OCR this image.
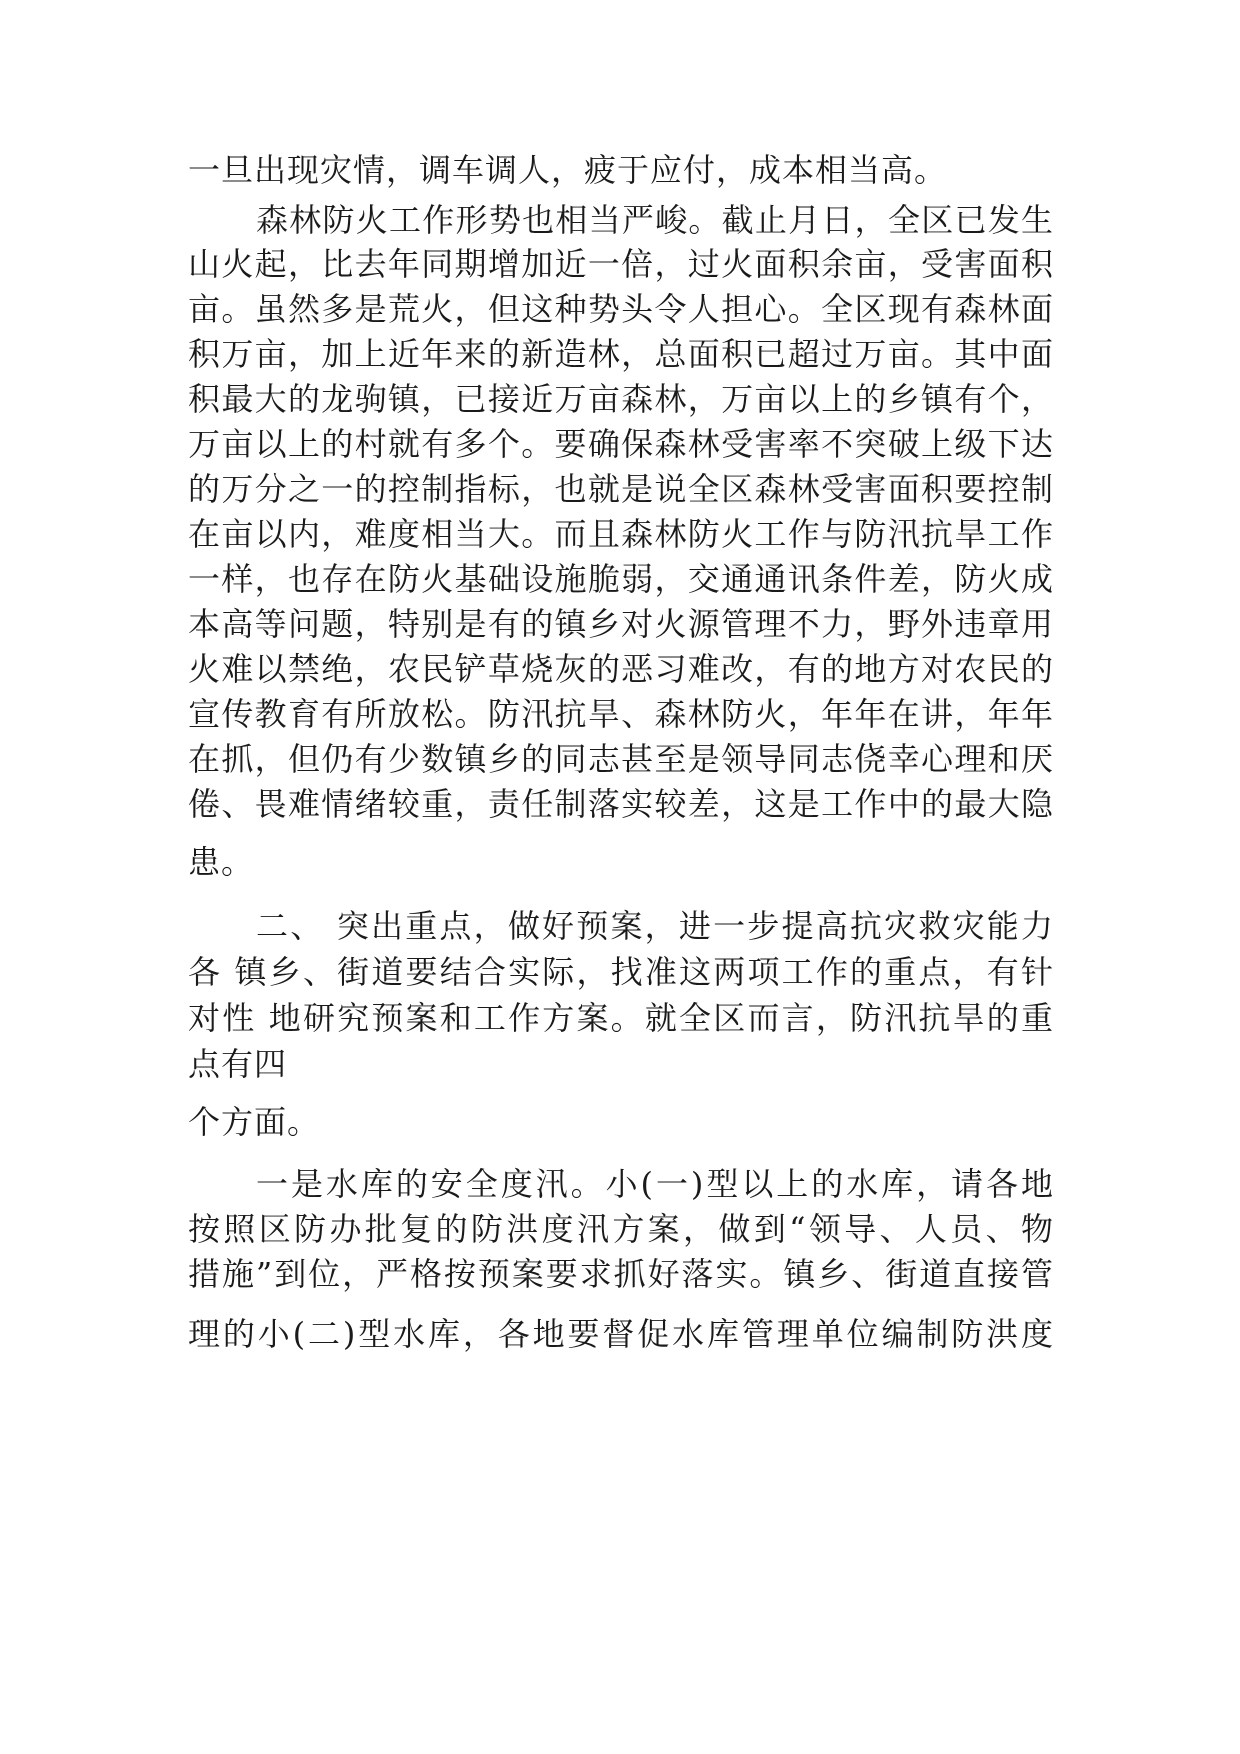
一旦出现灾情，调车调人，疲于应付，成本相当高。

森林防火工作形势也相当严峻。截止月日，全区已发生

山火起，比去年同期增加近一倍，过火面积余亩，受害面积

亩。虽然多是荒火，但这种势头令人担心。全区现有森林面

积万亩，加上近年来的新造林，总面积已超过万亩。其中面

积最大的龙驹镇，已接近万亩森林，万亩以上的乡镇有个，

万亩以上的村就有多个。要确保森林受害率不突破上级下达

的万分之一的控制指标，也就是说全区森林受害面积要控制

在亩以内，难度相当大。而且森林防火工作与防汛抗旱工作

一样，也存在防火基础设施脆弱，交通通讯条件差，防火成

本高等问题，特别是有的镇乡对火源管理不力，野外违章用

火难以禁绝，农民铲草烧灰的恶习难改，有的地方对农民的

宣传教育有所放松。防汛抗旱、森林防火，年年在讲，年年

在抓，但仍有少数镇乡的同志甚至是领导同志侥幸心理和厌

倦、畏难情绪较重，责任制落实较差，这是工作中的最大隐

患。

二、 突出重点，做好预案，进一步提高抗灾救灾能力

各 镇乡、街道要结合实际，找准这两项工作的重点，有针

对性 地研究预案和工作方案。就全区而言，防汛抗旱的重

点有四

个方面。

一是水库的安全度汛。小(一)型以上的水库，请各地

按照区防办批复的防洪度汛方案，做到“领导、人员、物

措施”到位，严格按预案要求抓好落实。镇乡、街道直接管

理的小(二)型水库，各地要督促水库管理单位编制防洪度
